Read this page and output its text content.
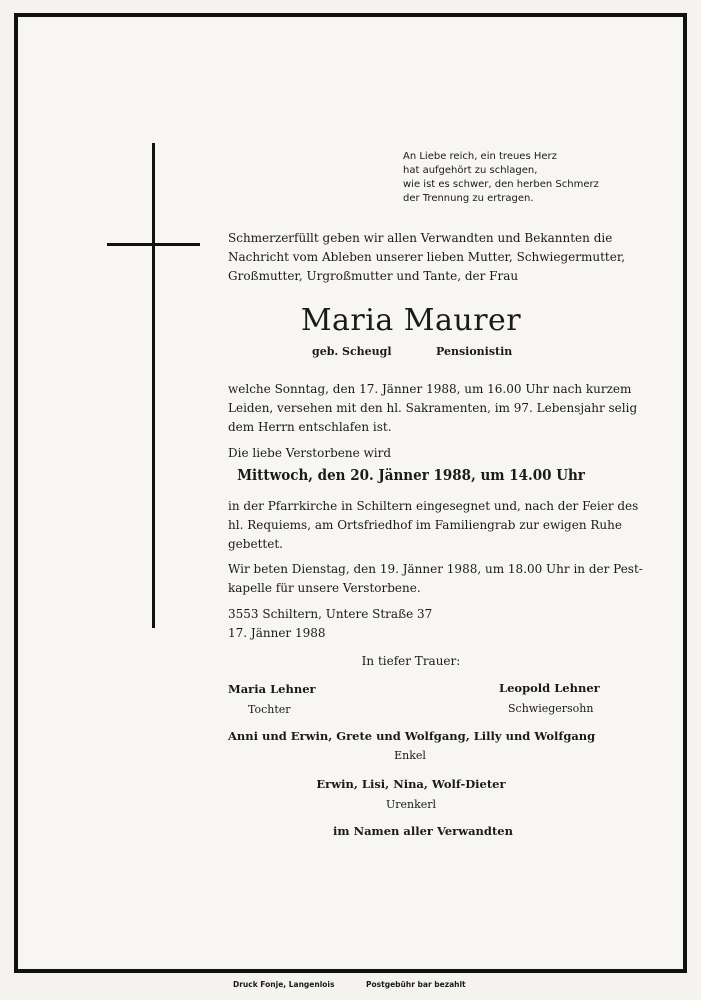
An Liebe reich, ein treues Herz
hat aufgehört zu schlagen,
wie ist es schwer, den herben Schmerz
der Trennung zu ertragen.
Schmerzerfüllt geben wir allen Verwandten und Bekannten die
Nachricht vom Ableben unserer lieben Mutter, Schwiegermutter,
Großmutter, Urgroßmutter und Tante, der Frau
Maria Maurer
geb. Scheugl	Pensionistin
welche Sonntag, den 17. Jänner 1988, um 16.00 Uhr nach kurzem
Leiden, versehen mit den hl. Sakramenten, im 97. Lebensjahr selig
dem Herrn entschlafen ist.
Die liebe Verstorbene wird
Mittwoch, den 20. Jänner 1988, um 14.00 Uhr
in der Pfarrkirche in Schiltern eingesegnet und, nach der Feier des
hl. Requiems, am Ortsfriedhof im Familiengrab zur ewigen Ruhe
gebettet.
Wir beten Dienstag, den 19. Jänner 1988, um 18.00 Uhr in der Pest-
kapelle für unsere Verstorbene.
3553 Schiltern, Untere Straße 37
17. Jänner 1988
In tiefer Trauer:
Maria Lehner
Tochter
Leopold Lehner
Schwiegersohn
Anni und Erwin, Grete und Wolfgang, Lilly und Wolfgang
Enkel
Erwin, Lisi, Nina, Wolf-Dieter
Urenkerl
im Namen aller Verwandten
Druck Fonje, Langenlois	Postgebühr bar bezahlt
